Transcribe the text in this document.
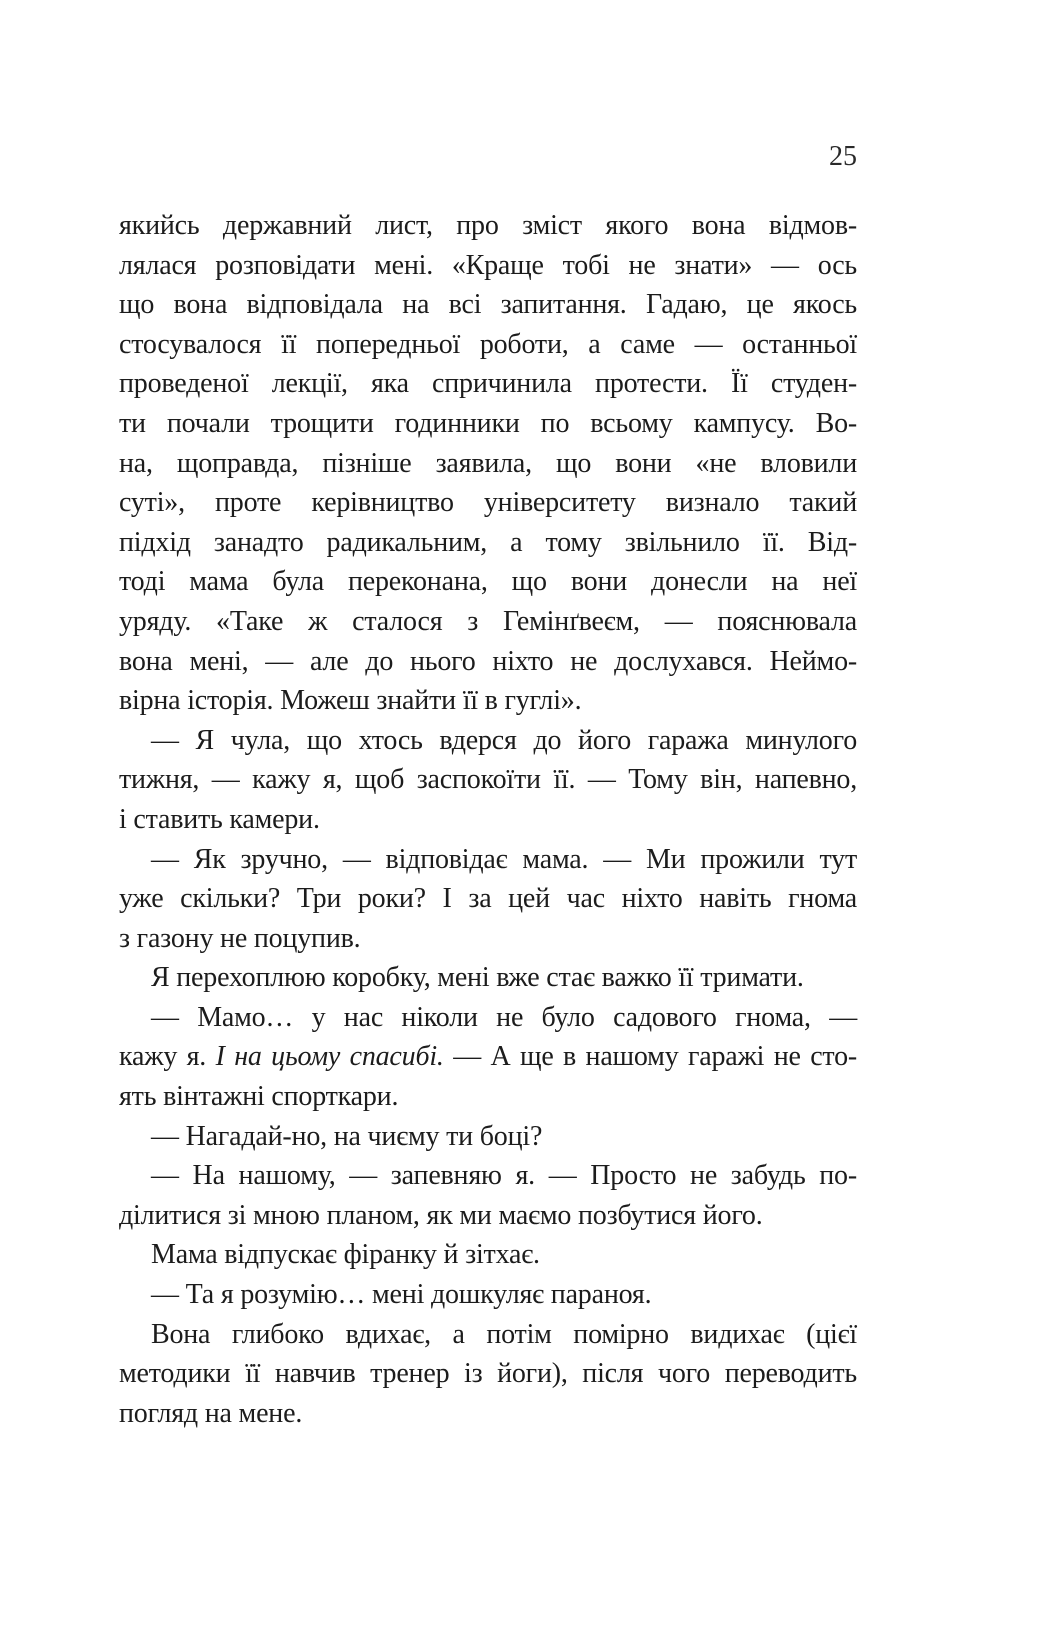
25
якийсь державний лист, про зміст якого вона відмов-
лялася розповідати мені. «Краще тобі не знати» — ось
що вона відповідала на всі запитання. Гадаю, це якось
стосувалося її попередньої роботи, а саме — останньої
проведеної лекції, яка спричинила протести. Її студен-
ти почали трощити годинники по всьому кампусу. Во-
на, щоправда, пізніше заявила, що вони «не вловили
суті», проте керівництво університету визнало такий
підхід занадто радикальним, а тому звільнило її. Від-
тоді мама була переконана, що вони донесли на неї
уряду. «Таке ж сталося з Гемінґвеєм, — пояснювала
вона мені, — але до нього ніхто не дослухався. Неймо-
вірна історія. Можеш знайти її в гуглі».
— Я чула, що хтось вдерся до його гаража минулого
тижня, — кажу я, щоб заспокоїти її. — Тому він, напевно,
і ставить камери.
— Як зручно, — відповідає мама. — Ми прожили тут
уже скільки? Три роки? І за цей час ніхто навіть гнома
з газону не поцупив.
Я перехоплюю коробку, мені вже стає важко її тримати.
— Мамо… у нас ніколи не було садового гнома, —
кажу я. І на цьому спасибі. — А ще в нашому гаражі не сто-
ять вінтажні спорткари.
— Нагадай-но, на чиєму ти боці?
— На нашому, — запевняю я. — Просто не забудь по-
ділитися зі мною планом, як ми маємо позбутися його.
Мама відпускає фіранку й зітхає.
— Та я розумію… мені дошкуляє параноя.
Вона глибоко вдихає, а потім помірно видихає (цієї
методики її навчив тренер із йоги), після чого переводить
погляд на мене.
